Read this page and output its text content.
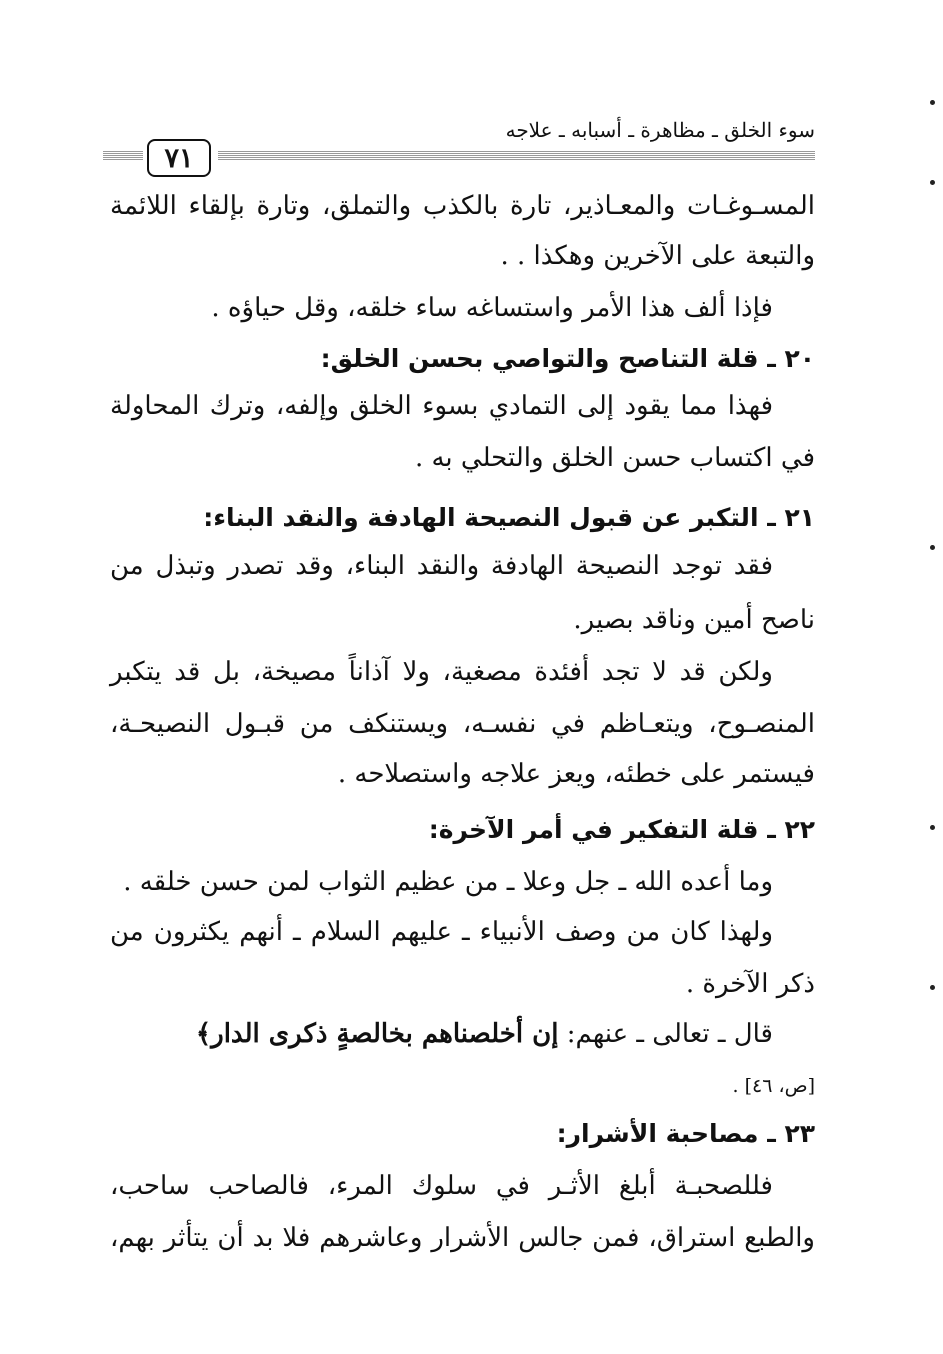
سوء الخلق ـ مظاهرة ـ أسبابه ـ علاجه
٧١
المسـوغـات والمعـاذير، تارة بالكذب والتملق، وتارة بإلقاء اللائمة
والتبعة على الآخرين وهكذا . .
فإذا ألف هذا الأمر واستساغه ساء خلقه، وقل حياؤه .
٢٠ ـ قلة التناصح والتواصي بحسن الخلق:
فهذا مما يقود إلى التمادي بسوء الخلق وإلفه، وترك المحاولة
في اكتساب حسن الخلق والتحلي به .
٢١ ـ التكبر عن قبول النصيحة الهادفة والنقد البناء:
فقد توجد النصيحة الهادفة والنقد البناء، وقد تصدر وتبذل من
ناصح أمين وناقد بصير.
ولكن قد لا تجد أفئدة مصغية، ولا آذاناً مصيخة، بل قد يتكبر
المنصـوح، ويتعـاظم في نفسـه، ويستنكف من قبـول النصيحـة،
فيستمر على خطئه، ويعز علاجه واستصلاحه .
٢٢ ـ قلة التفكير في أمر الآخرة:
وما أعده الله ـ جل وعلا ـ من عظيم الثواب لمن حسن خلقه .
ولهذا كان من وصف الأنبياء ـ عليهم السلام ـ أنهم يكثرون من
ذكر الآخرة .
قال ـ تعالى ـ عنهم: إن أخلصناهم بخالصةٍ ذكرى الدار﴾
[ص، ٤٦] .
٢٣ ـ مصاحبة الأشرار:
فللصحبـة أبلغ الأثـر في سلوك المرء، فالصاحب ساحب،
والطبع استراق، فمن جالس الأشرار وعاشرهم فلا بد أن يتأثر بهم،
